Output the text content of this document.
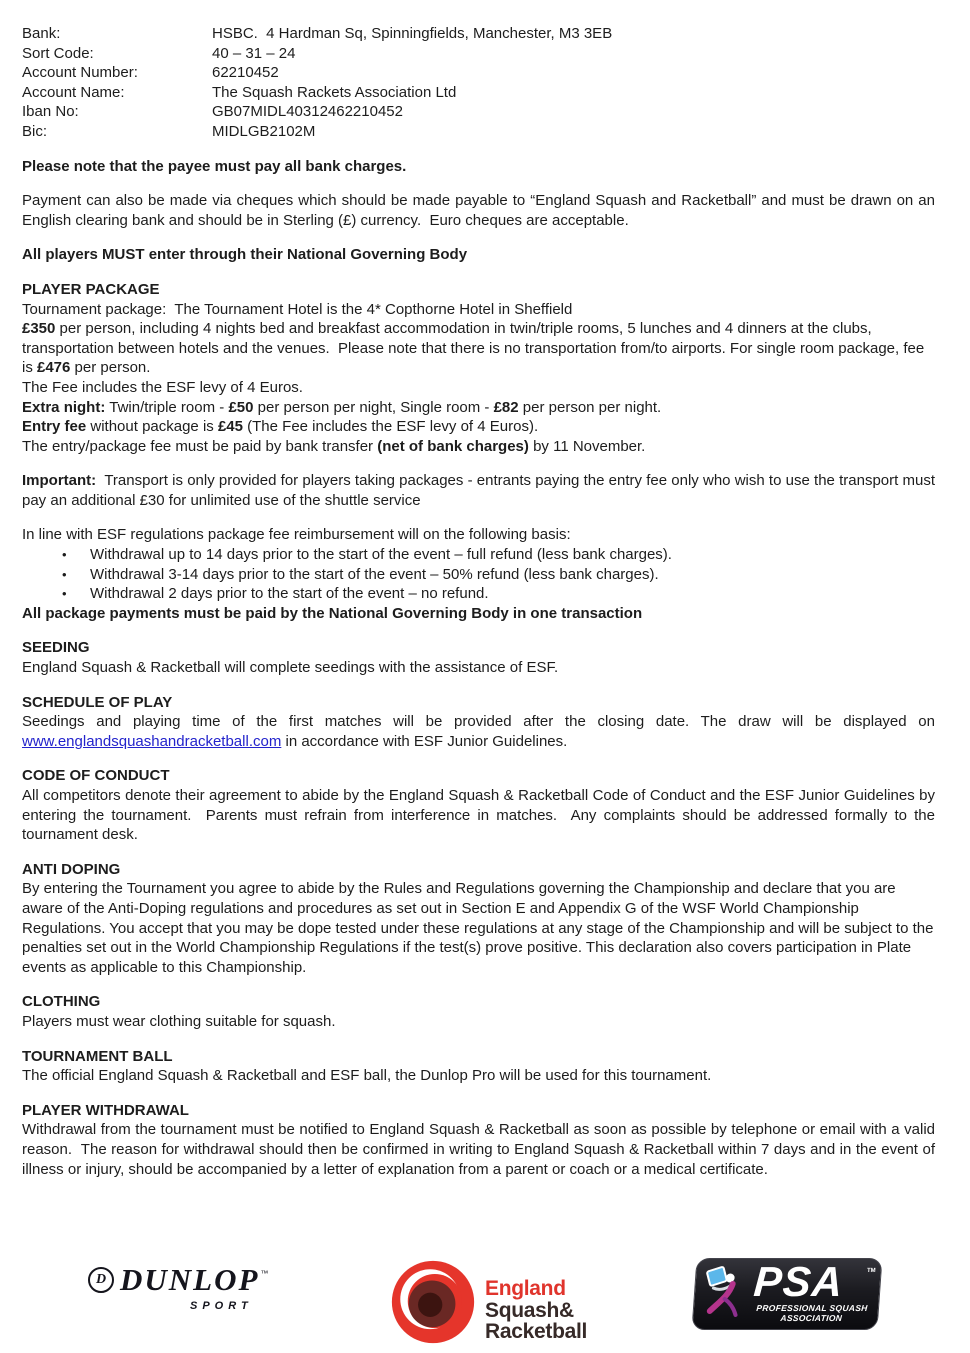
Bank:	HSBC.  4 Hardman Sq, Spinningfields, Manchester, M3 3EB
Sort Code:	40 – 31 – 24
Account Number:	62210452
Account Name:	The Squash Rackets Association Ltd
Iban No:	GB07MIDL40312462210452
Bic:	MIDLGB2102M
Please note that the payee must pay all bank charges.
Payment can also be made via cheques which should be made payable to “England Squash and Racketball” and must be drawn on an English clearing bank and should be in Sterling (£) currency.  Euro cheques are acceptable.
All players MUST enter through their National Governing Body
PLAYER PACKAGE
Tournament package:  The Tournament Hotel is the 4* Copthorne Hotel in Sheffield
£350 per person, including 4 nights bed and breakfast accommodation in twin/triple rooms, 5 lunches and 4 dinners at the clubs, transportation between hotels and the venues.  Please note that there is no transportation from/to airports. For single room package, fee is £476 per person.
The Fee includes the ESF levy of 4 Euros.
Extra night: Twin/triple room - £50 per person per night, Single room - £82 per person per night.
Entry fee without package is £45 (The Fee includes the ESF levy of 4 Euros).
The entry/package fee must be paid by bank transfer (net of bank charges) by 11 November.
Important:  Transport is only provided for players taking packages - entrants paying the entry fee only who wish to use the transport must pay an additional £30 for unlimited use of the shuttle service
In line with ESF regulations package fee reimbursement will on the following basis:
• Withdrawal up to 14 days prior to the start of the event – full refund (less bank charges).
• Withdrawal 3-14 days prior to the start of the event – 50% refund (less bank charges).
• Withdrawal 2 days prior to the start of the event – no refund.
All package payments must be paid by the National Governing Body in one transaction
SEEDING
England Squash & Racketball will complete seedings with the assistance of ESF.
SCHEDULE OF PLAY
Seedings and playing time of the first matches will be provided after the closing date. The draw will be displayed on www.englandsquashandracketball.com in accordance with ESF Junior Guidelines.
CODE OF CONDUCT
All competitors denote their agreement to abide by the England Squash & Racketball Code of Conduct and the ESF Junior Guidelines by entering the tournament.  Parents must refrain from interference in matches.  Any complaints should be addressed formally to the tournament desk.
ANTI DOPING
By entering the Tournament you agree to abide by the Rules and Regulations governing the Championship and declare that you are aware of the Anti-Doping regulations and procedures as set out in Section E and Appendix G of the WSF World Championship Regulations. You accept that you may be dope tested under these regulations at any stage of the Championship and will be subject to the penalties set out in the World Championship Regulations if the test(s) prove positive. This declaration also covers participation in Plate events as applicable to this Championship.
CLOTHING
Players must wear clothing suitable for squash.
TOURNAMENT BALL
The official England Squash & Racketball and ESF ball, the Dunlop Pro will be used for this tournament.
PLAYER WITHDRAWAL
Withdrawal from the tournament must be notified to England Squash & Racketball as soon as possible by telephone or email with a valid reason.  The reason for withdrawal should then be confirmed in writing to England Squash & Racketball within 7 days and in the event of illness or injury, should be accompanied by a letter of explanation from a parent or coach or a medical certificate.
D DUNLOP ™
SPORT
England
Squash&
Racketball
PSA	TM
PROFESSIONAL SQUASH
ASSOCIATION
